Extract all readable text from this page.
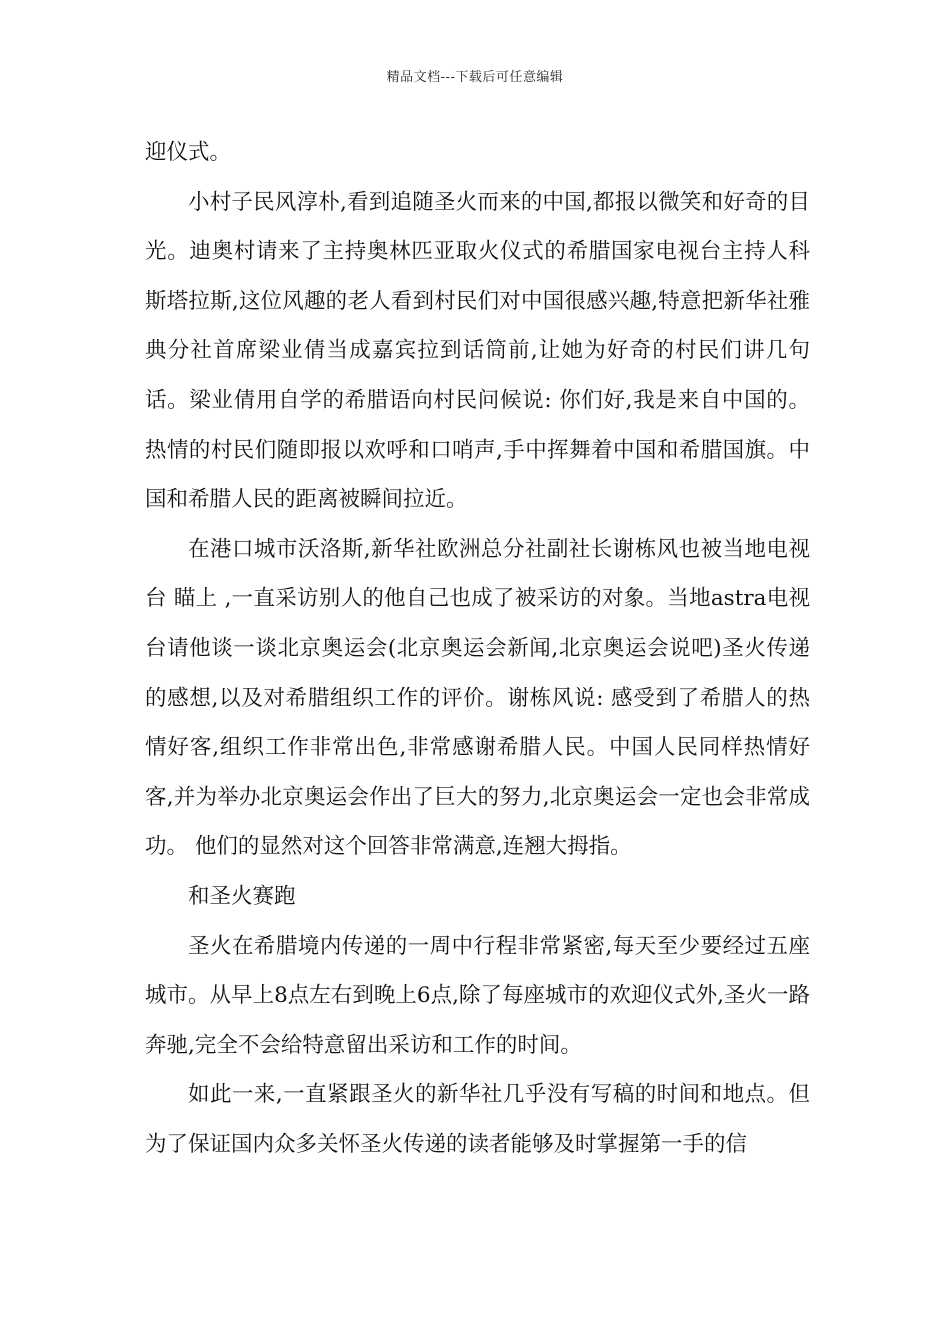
精品文档---下载后可任意编辑

迎仪式。

小村子民风淳朴,看到追随圣火而来的中国,都报以微笑和好奇的目光。迪奥村请来了主持奥林匹亚取火仪式的希腊国家电视台主持人科斯塔拉斯,这位风趣的老人看到村民们对中国很感兴趣,特意把新华社雅典分社首席梁业倩当成嘉宾拉到话筒前,让她为好奇的村民们讲几句话。梁业倩用自学的希腊语向村民问候说: 你们好,我是来自中国的。 热情的村民们随即报以欢呼和口哨声,手中挥舞着中国和希腊国旗。中国和希腊人民的距离被瞬间拉近。

在港口城市沃洛斯,新华社欧洲总分社副社长谢栋风也被当地电视台 瞄上 ,一直采访别人的他自己也成了被采访的对象。当地astra电视台请他谈一谈北京奥运会(北京奥运会新闻,北京奥运会说吧)圣火传递的感想,以及对希腊组织工作的评价。谢栋风说: 感受到了希腊人的热情好客,组织工作非常出色,非常感谢希腊人民。中国人民同样热情好客,并为举办北京奥运会作出了巨大的努力,北京奥运会一定也会非常成功。 他们的显然对这个回答非常满意,连翘大拇指。

和圣火赛跑

圣火在希腊境内传递的一周中行程非常紧密,每天至少要经过五座城市。从早上8点左右到晚上6点,除了每座城市的欢迎仪式外,圣火一路奔驰,完全不会给特意留出采访和工作的时间。

如此一来,一直紧跟圣火的新华社几乎没有写稿的时间和地点。但为了保证国内众多关怀圣火传递的读者能够及时掌握第一手的信
